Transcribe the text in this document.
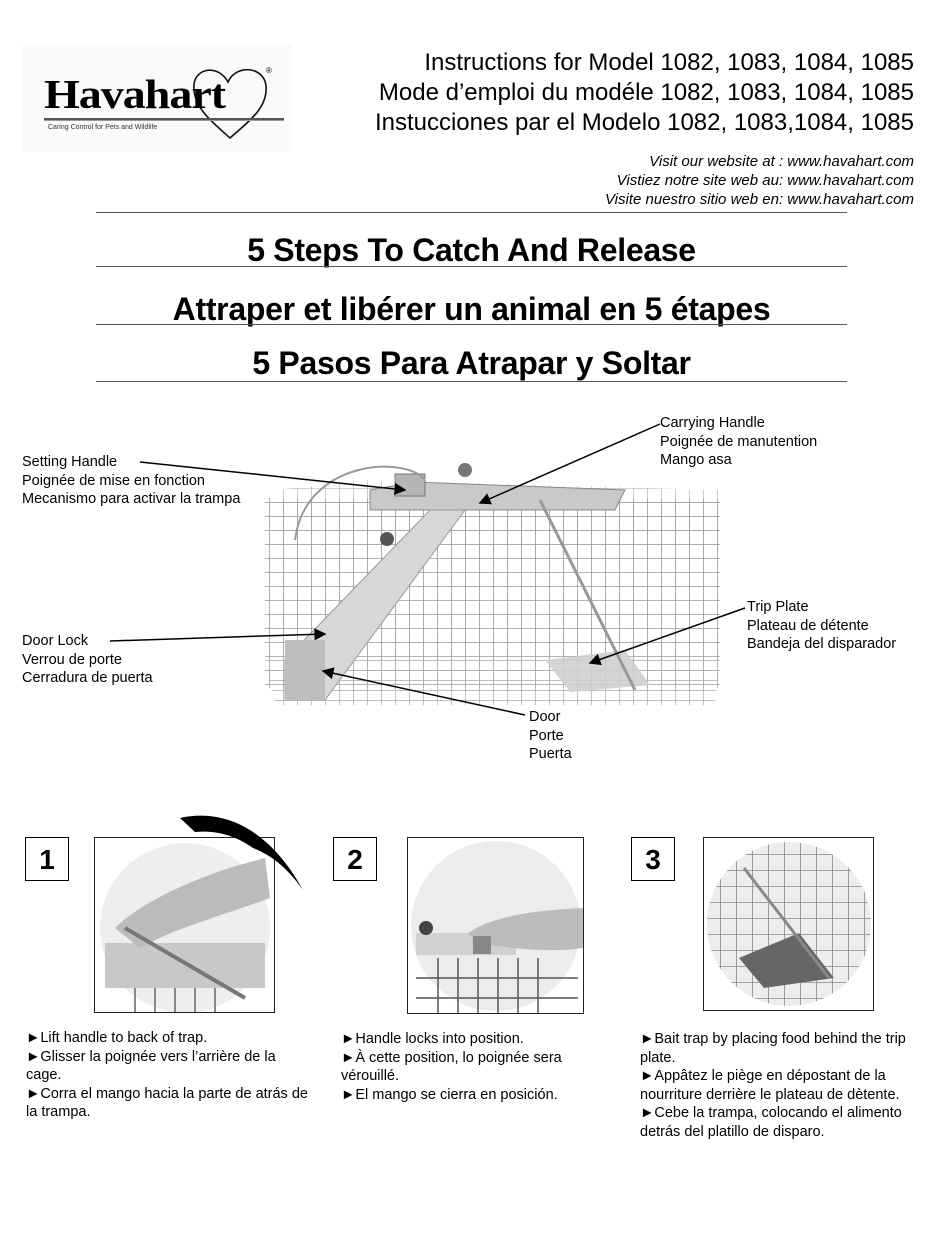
Havahart
Caring Control for Pets and Wildlife
®	Instructions for Model 1082, 1083, 1084, 1085
Mode d’emploi du modéle 1082, 1083, 1084, 1085
Instucciones par el Modelo 1082, 1083,1084, 1085
Visit our website at : www.havahart.com
Vistiez notre site web au: www.havahart.com
Visite nuestro sitio web en: www.havahart.com
5 Steps To Catch And Release
Attraper et libérer un animal en 5 étapes
5 Pasos Para Atrapar y Soltar
Setting Handle
Poignée de mise en fonction
Mecanismo para activar la trampa
Carrying Handle
Poignée de manutention
Mango asa
Door Lock
Verrou de porte
Cerradura de puerta
Trip Plate
Plateau de détente
Bandeja del disparador
Door
Porte
Puerta
1

►Lift handle to back of trap.

►Glisser la poignée vers l’arrière de la cage.

►Corra el mango hacia la parte de atrás de la trampa.

2

►Handle locks into position.

►À cette position, lo poignée sera vérouillé.

►El mango se cierra en posición.

3

►Bait trap by placing food behind the trip plate.

►Appâtez le piège en dépostant de la nourriture derrière le plateau de dètente.

►Cebe la trampa, colocando el alimento detrás del platillo de disparo.
